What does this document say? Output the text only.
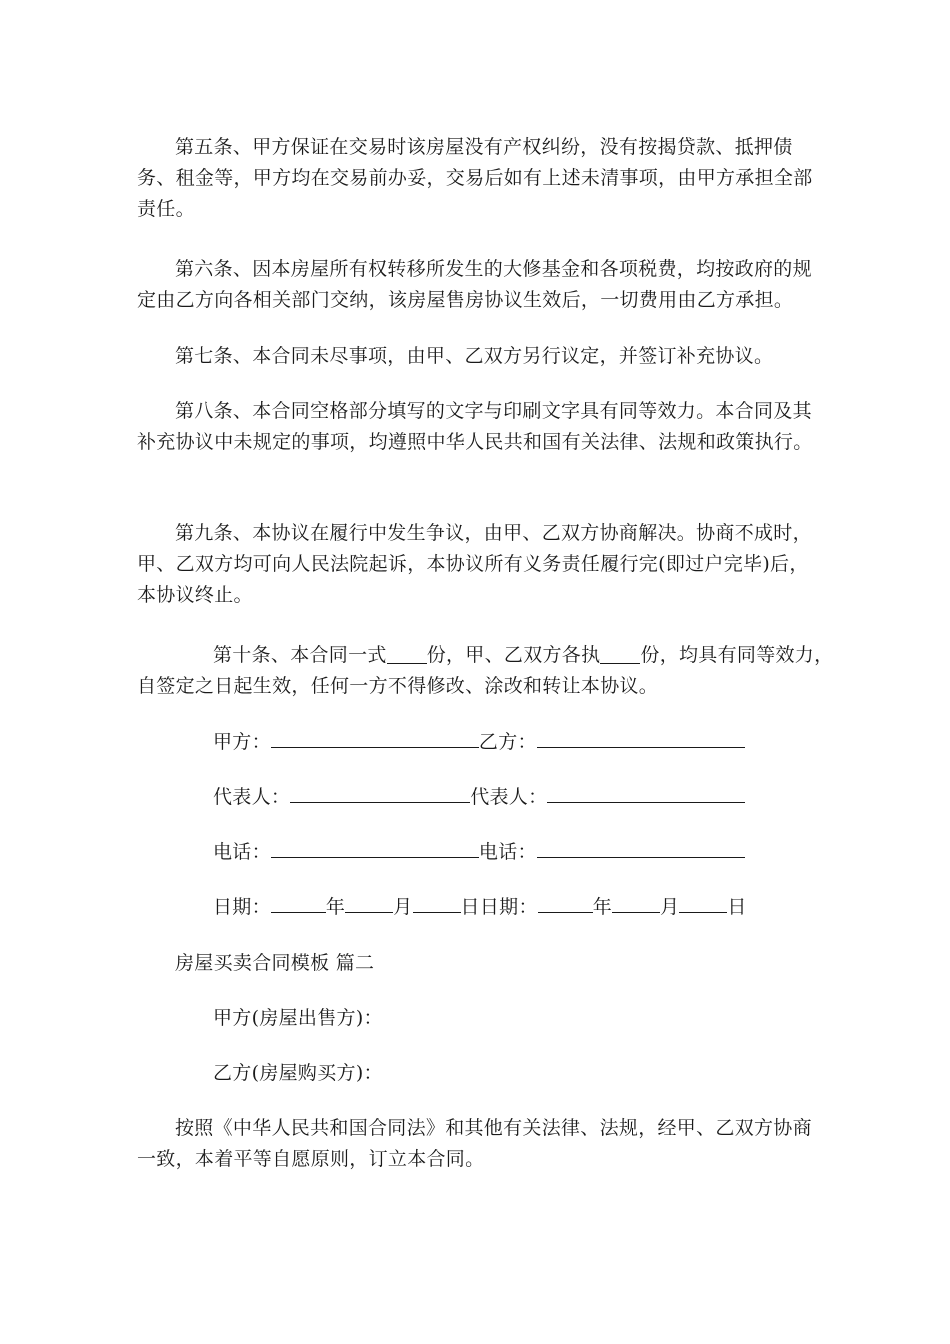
第五条、甲方保证在交易时该房屋没有产权纠纷，没有按揭贷款、抵押债务、租金等，甲方均在交易前办妥，交易后如有上述未清事项，由甲方承担全部责任。

第六条、因本房屋所有权转移所发生的大修基金和各项税费，均按政府的规定由乙方向各相关部门交纳，该房屋售房协议生效后，一切费用由乙方承担。

第七条、本合同未尽事项，由甲、乙双方另行议定，并签订补充协议。

第八条、本合同空格部分填写的文字与印刷文字具有同等效力。本合同及其补充协议中未规定的事项，均遵照中华人民共和国有关法律、法规和政策执行。

第九条、本协议在履行中发生争议，由甲、乙双方协商解决。协商不成时，甲、乙双方均可向人民法院起诉，本协议所有义务责任履行完(即过户完毕)后，本协议终止。

第十条、本合同一式 份，甲、乙双方各执 份，均具有同等效力，
自签定之日起生效，任何一方不得修改、涂改和转让本协议。
甲方：	乙方：
代表人：	代表人：
电话：	电话：
日期：	年	月	日日期：	年	月	日
房屋买卖合同模板 篇二
甲方(房屋出售方)：
乙方(房屋购买方)：

按照《中华人民共和国合同法》和其他有关法律、法规，经甲、乙双方协商一致，本着平等自愿原则，订立本合同。
